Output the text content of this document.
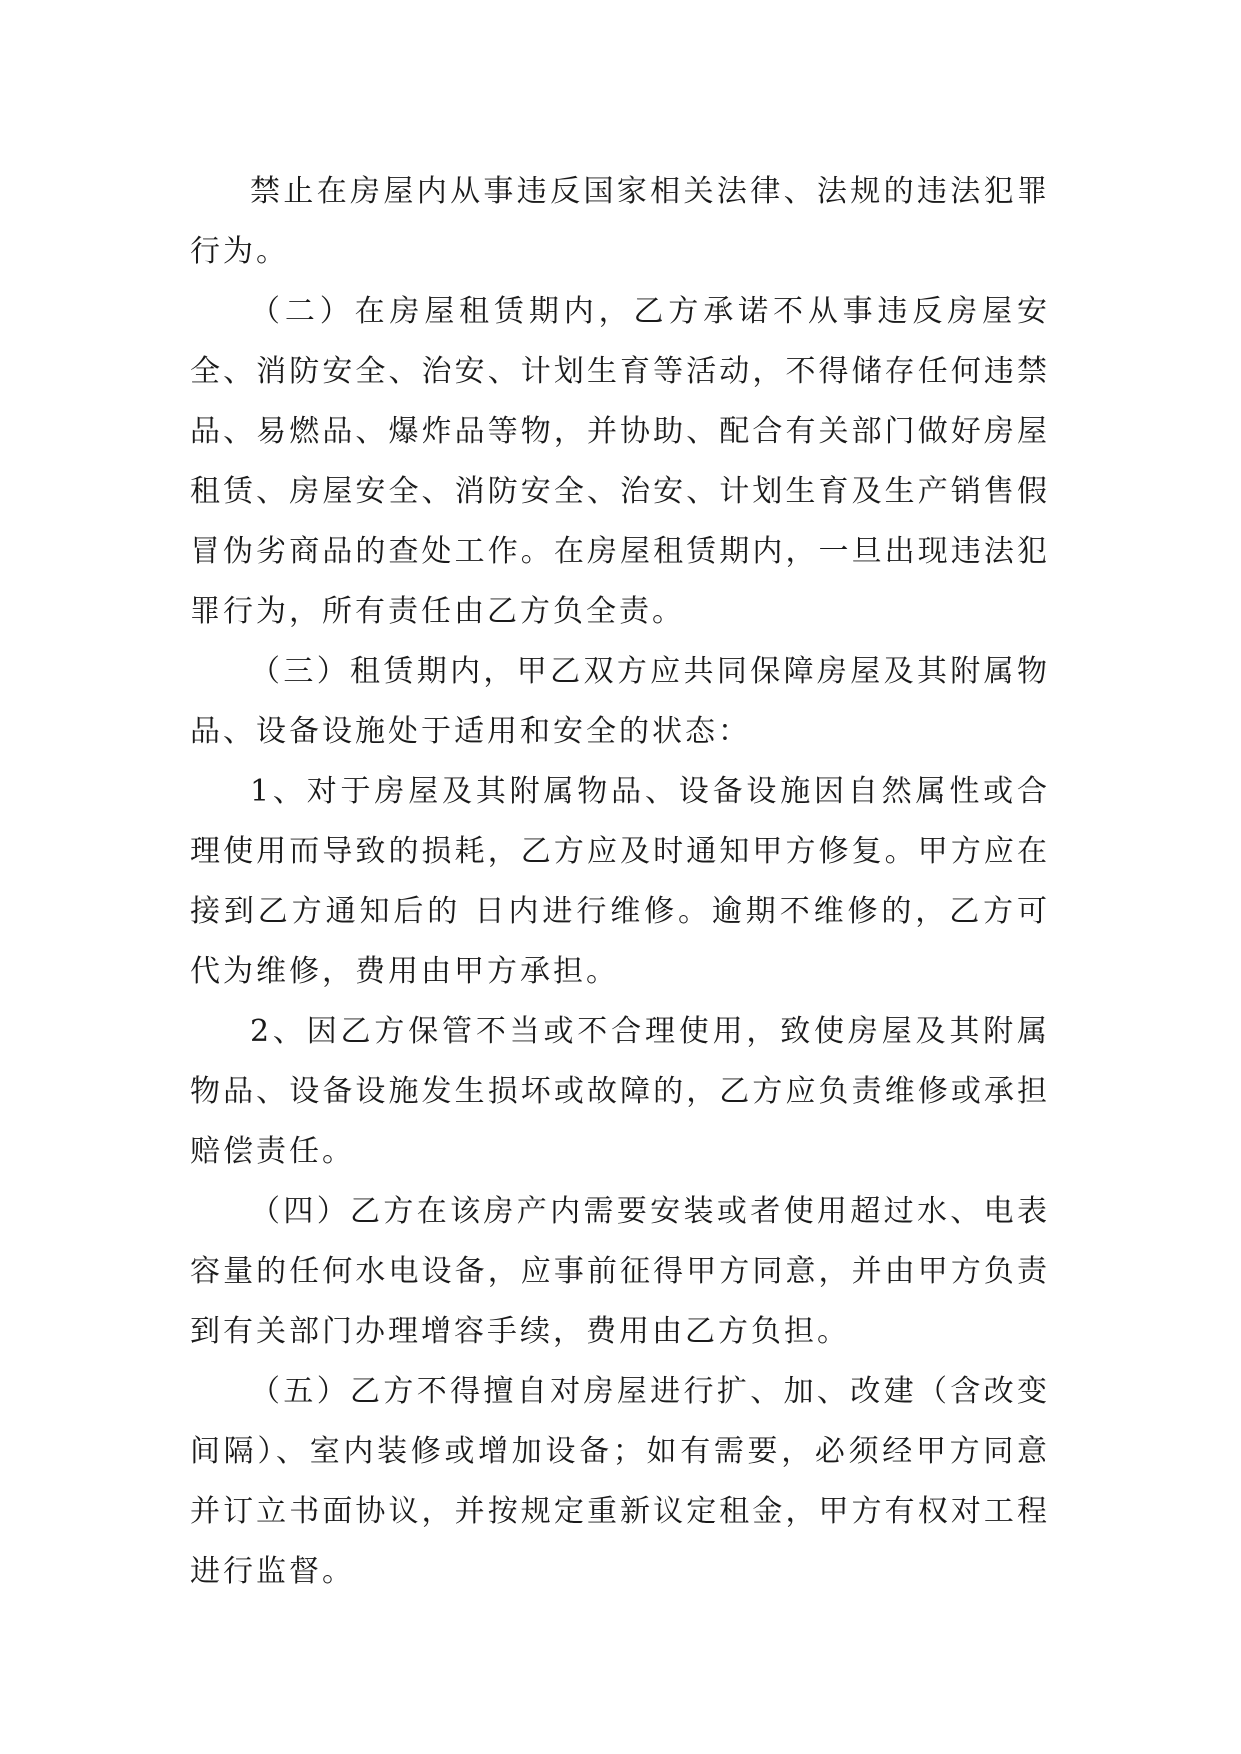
禁止在房屋内从事违反国家相关法律、法规的违法犯罪行为。

（二）在房屋租赁期内，乙方承诺不从事违反房屋安全、消防安全、治安、计划生育等活动，不得储存任何违禁品、易燃品、爆炸品等物，并协助、配合有关部门做好房屋租赁、房屋安全、消防安全、治安、计划生育及生产销售假冒伪劣商品的查处工作。在房屋租赁期内，一旦出现违法犯罪行为，所有责任由乙方负全责。

（三）租赁期内，甲乙双方应共同保障房屋及其附属物品、设备设施处于适用和安全的状态：

1、对于房屋及其附属物品、设备设施因自然属性或合理使用而导致的损耗，乙方应及时通知甲方修复。甲方应在接到乙方通知后的 日内进行维修。逾期不维修的，乙方可代为维修，费用由甲方承担。

2、因乙方保管不当或不合理使用，致使房屋及其附属物品、设备设施发生损坏或故障的，乙方应负责维修或承担赔偿责任。

（四）乙方在该房产内需要安装或者使用超过水、电表容量的任何水电设备，应事前征得甲方同意，并由甲方负责到有关部门办理增容手续，费用由乙方负担。

（五）乙方不得擅自对房屋进行扩、加、改建（含改变间隔）、室内装修或增加设备；如有需要，必须经甲方同意并订立书面协议，并按规定重新议定租金，甲方有权对工程进行监督。
